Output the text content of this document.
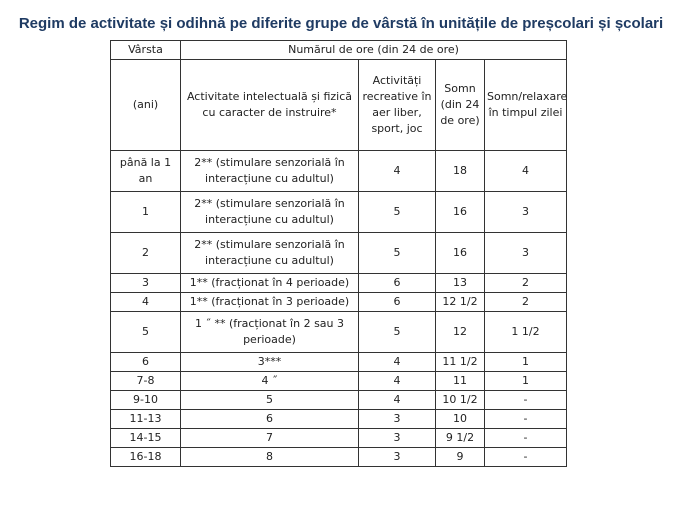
Regim de activitate și odihnă pe diferite grupe de vârstă în unitățile de preșcolari și școlari
Vârsta	Numărul de ore (din 24 de ore)			
(ani)	Activitate intelectuală și fizică cu caracter de instruire*	Activități recreative în aer liber, sport, joc	Somn (din 24 de ore)	Somn/relaxare în timpul zilei
până la 1 an	2** (stimulare senzorială în interacțiune cu adultul)	4	18	4
1	2** (stimulare senzorială în interacțiune cu adultul)	5	16	3
2	2** (stimulare senzorială în interacțiune cu adultul)	5	16	3
3	1** (fracționat în 4 perioade)	6	13	2
4	1** (fracționat în 3 perioade)	6	12 1/2	2
5	1 ˝ ** (fracționat în 2 sau 3 perioade)	5	12	1 1/2
6	3***	4	11 1/2	1
7-8	4 ˝	4	11	1
9-10	5	4	10 1/2	-
11-13	6	3	10	-
14-15	7	3	9 1/2	-
16-18	8	3	9	-
